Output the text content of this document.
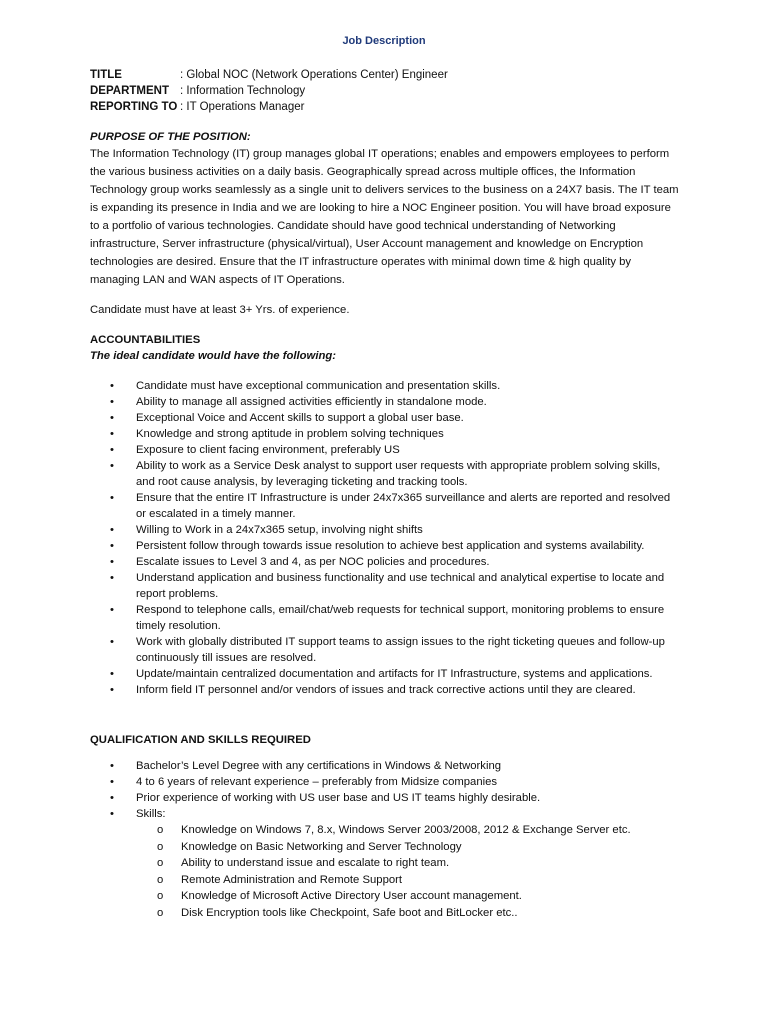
Job Description
TITLE	: Global NOC (Network Operations Center) Engineer
DEPARTMENT : Information Technology
REPORTING TO : IT Operations Manager
PURPOSE OF THE POSITION:

The Information Technology (IT) group manages global IT operations; enables and empowers employees to perform the various business activities on a daily basis. Geographically spread across multiple offices, the Information Technology group works seamlessly as a single unit to delivers services to the business on a 24X7 basis. The IT team is expanding its presence in India and we are looking to hire a NOC Engineer position. You will have broad exposure to a portfolio of various technologies. Candidate should have good technical understanding of Networking infrastructure, Server infrastructure (physical/virtual), User Account management and knowledge on Encryption technologies are desired. Ensure that the IT infrastructure operates with minimal down time & high quality by managing LAN and WAN aspects of IT Operations.

Candidate must have at least 3+ Yrs. of experience.

ACCOUNTABILITIES
The ideal candidate would have the following:
• Candidate must have exceptional communication and presentation skills.
• Ability to manage all assigned activities efficiently in standalone mode.
• Exceptional Voice and Accent skills to support a global user base.
• Knowledge and strong aptitude in problem solving techniques
• Exposure to client facing environment, preferably US
• Ability to work as a Service Desk analyst to support user requests with appropriate problem solving skills, and root cause analysis, by leveraging ticketing and tracking tools.
• Ensure that the entire IT Infrastructure is under 24x7x365 surveillance and alerts are reported and resolved or escalated in a timely manner.
• Willing to Work in a 24x7x365 setup, involving night shifts
• Persistent follow through towards issue resolution to achieve best application and systems availability.
• Escalate issues to Level 3 and 4, as per NOC policies and procedures.
• Understand application and business functionality and use technical and analytical expertise to locate and report problems.
• Respond to telephone calls, email/chat/web requests for technical support, monitoring problems to ensure timely resolution.
• Work with globally distributed IT support teams to assign issues to the right ticketing queues and follow-up continuously till issues are resolved.
• Update/maintain centralized documentation and artifacts for IT Infrastructure, systems and applications.
• Inform field IT personnel and/or vendors of issues and track corrective actions until they are cleared.
QUALIFICATION AND SKILLS REQUIRED
• Bachelor’s Level Degree with any certifications in Windows & Networking
• 4 to 6 years of relevant experience – preferably from Midsize companies
• Prior experience of working with US user base and US IT teams highly desirable.
• Skills:
o Knowledge on Windows 7, 8.x, Windows Server 2003/2008, 2012 & Exchange Server etc.
o Knowledge on Basic Networking and Server Technology
o Ability to understand issue and escalate to right team.
o Remote Administration and Remote Support
o Knowledge of Microsoft Active Directory User account management.
o Disk Encryption tools like Checkpoint, Safe boot and BitLocker etc..
